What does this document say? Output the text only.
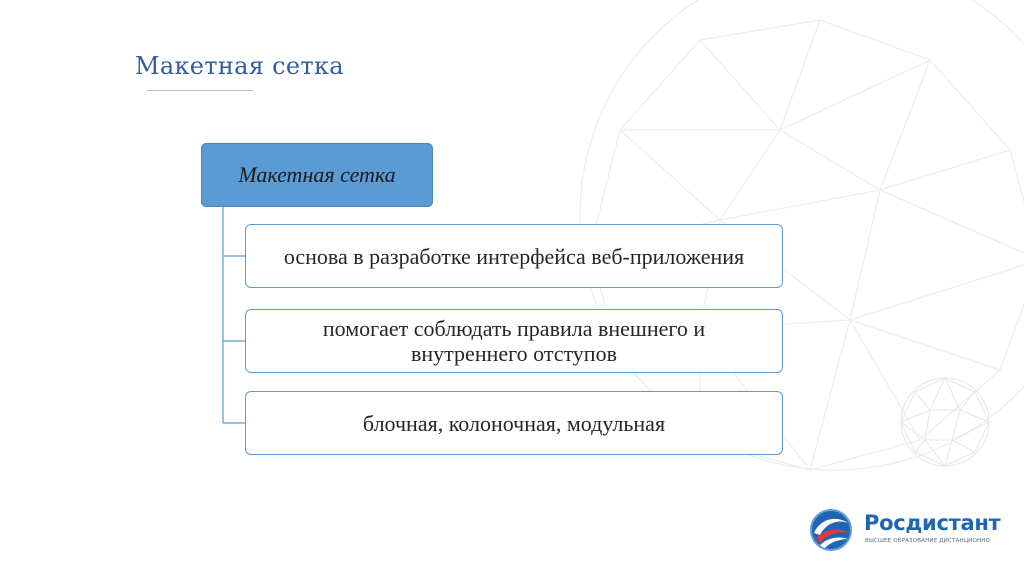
Макетная сетка
Макетная сетка
основа в разработке интерфейса веб-приложения
помогает соблюдать правила внешнего и внутреннего отступов
блочная, колоночная, модульная
Росдистант
ВЫСШЕЕ ОБРАЗОВАНИЕ ДИСТАНЦИОННО
